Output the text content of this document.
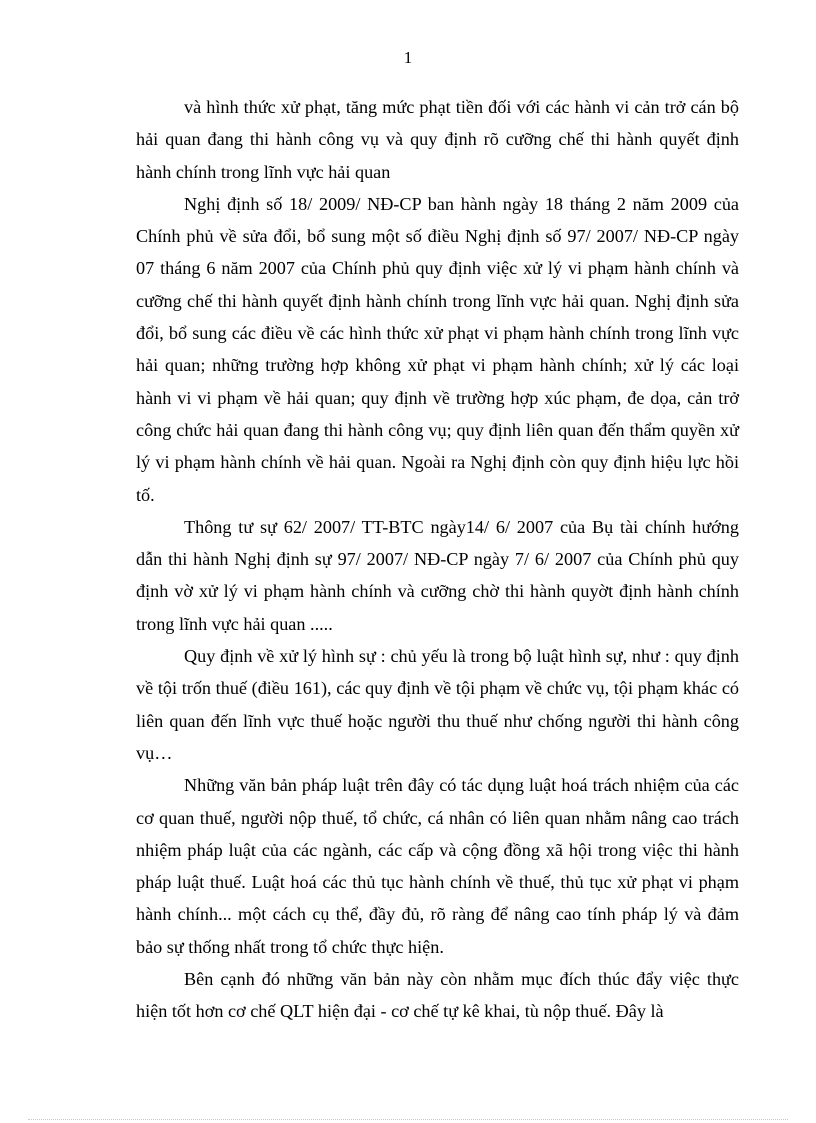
1

và hình thức xử phạt, tăng mức phạt tiền đối với các hành vi cản trở cán bộ hải quan đang thi hành công vụ và quy định rõ cưỡng chế thi hành quyết định hành chính trong lĩnh vực hải quan

Nghị định số 18/ 2009/ NĐ-CP ban hành ngày 18 tháng 2 năm 2009 của Chính phủ về sửa đổi, bổ sung một số điều Nghị định số 97/ 2007/ NĐ-CP ngày 07 tháng 6 năm 2007 của Chính phủ quy định việc xử lý vi phạm hành chính và cưỡng chế thi hành quyết định hành chính trong lĩnh vực hải quan. Nghị định sửa đổi, bổ sung các điều về các hình thức xử phạt vi phạm hành chính trong lĩnh vực hải quan; những trường hợp không xử phạt vi phạm hành chính; xử lý các loại hành vi vi phạm về hải quan; quy định về trường hợp xúc phạm, đe dọa, cản trở công chức hải quan đang thi hành công vụ; quy định liên quan đến thẩm quyền xử lý vi phạm hành chính về hải quan. Ngoài ra Nghị định còn quy định hiệu lực hồi tố.

Thông tư sự 62/ 2007/ TT-BTC ngày14/ 6/ 2007 của Bụ tài chính hướng dẫn thi hành Nghị định sự 97/ 2007/ NĐ-CP ngày 7/ 6/ 2007 của Chính phủ quy định vờ xử lý vi phạm hành chính và cưỡng chờ thi hành quyờt định hành chính trong lĩnh vực hải quan .....

Quy định về xử lý hình sự : chủ yếu là trong bộ luật hình sự, như : quy định về tội trốn thuế (điều 161), các quy định về tội phạm về chức vụ, tội phạm khác có liên quan đến lĩnh vực thuế hoặc người thu thuế như chống người thi hành công vụ…

Những văn bản pháp luật trên đây có tác dụng luật hoá trách nhiệm của các cơ quan thuế, người nộp thuế, tổ chức, cá nhân có liên quan nhằm nâng cao trách nhiệm pháp luật của các ngành, các cấp và cộng đồng xã hội trong việc thi hành pháp luật thuế. Luật hoá các thủ tục hành chính về thuế, thủ tục xử phạt vi phạm hành chính... một cách cụ thể, đầy đủ, rõ ràng để nâng cao tính pháp lý và đảm bảo sự thống nhất trong tổ chức thực hiện.

Bên cạnh đó những văn bản này còn nhằm mục đích thúc đẩy việc thực hiện tốt hơn cơ chế QLT hiện đại - cơ chế tự kê khai, tù nộp thuế. Đây là
